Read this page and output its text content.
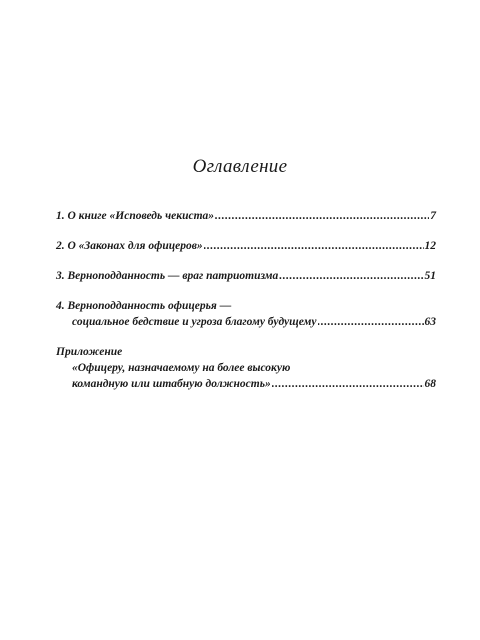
Оглавление
1. О книге «Исповедь чекиста» .....	7
2. О «Законах для офицеров» .....	12
3. Верноподданность — враг патриотизма .....	51
4. Верноподданность офицерья —
социальное бедствие и угроза благому будущему .....	63
Приложение
«Офицеру, назначаемому на более высокую
командную или штабную должность» .....	68
